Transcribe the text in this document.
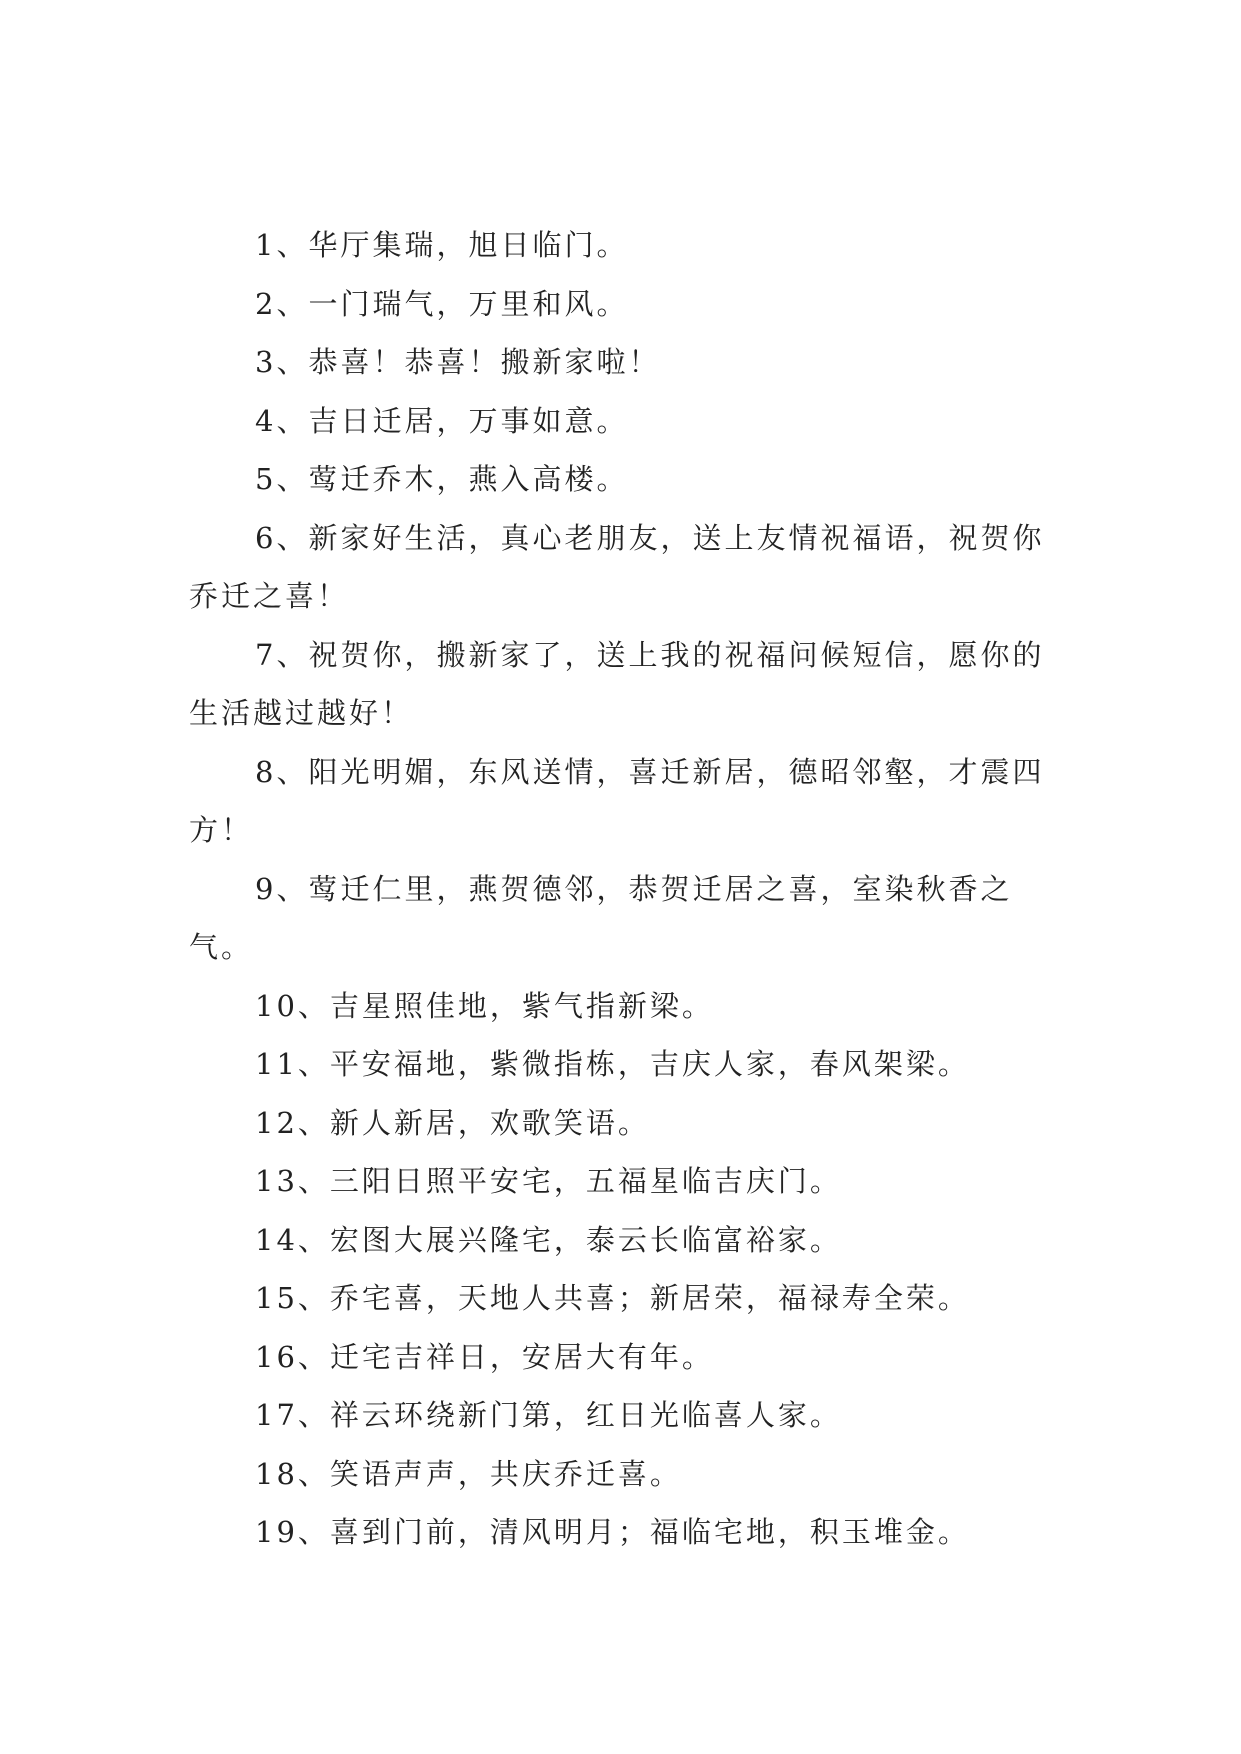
1、华厅集瑞，旭日临门。

2、一门瑞气，万里和风。

3、恭喜！恭喜！搬新家啦！

4、吉日迁居，万事如意。

5、莺迁乔木，燕入高楼。

6、新家好生活，真心老朋友，送上友情祝福语，祝贺你乔迁之喜！

7、祝贺你，搬新家了，送上我的祝福问候短信，愿你的生活越过越好！

8、阳光明媚，东风送情，喜迁新居，德昭邻壑，才震四方！

9、莺迁仁里，燕贺德邻，恭贺迁居之喜，室染秋香之气。

10、吉星照佳地，紫气指新梁。

11、平安福地，紫微指栋，吉庆人家，春风架梁。

12、新人新居，欢歌笑语。

13、三阳日照平安宅，五福星临吉庆门。

14、宏图大展兴隆宅，泰云长临富裕家。

15、乔宅喜，天地人共喜；新居荣，福禄寿全荣。

16、迁宅吉祥日，安居大有年。

17、祥云环绕新门第，红日光临喜人家。

18、笑语声声，共庆乔迁喜。

19、喜到门前，清风明月；福临宅地，积玉堆金。
